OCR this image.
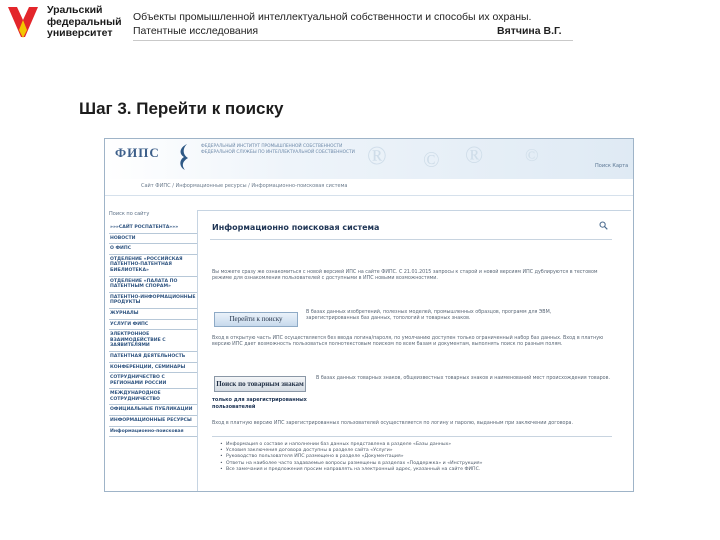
Уральский
федеральный
университет
Объекты промышленной интеллектуальной собственности и способы их охраны.
Патентные исследования	Вятчина В.Г.
Шаг 3. Перейти к поиску
ФИПС	ФЕДЕРАЛЬНЫЙ ИНСТИТУТ ПРОМЫШЛЕННОЙ СОБСТВЕННОСТИ ФЕДЕРАЛЬНОЙ СЛУЖБЫ ПО ИНТЕЛЛЕКТУАЛЬНОЙ СОБСТВЕННОСТИ ® © ® ©
Поиск Карта
Сайт ФИПС / Информационные ресурсы / Информационно-поисковая система
Поиск по сайту
»»»САЙТ РОСПАТЕНТА»»»
НОВОСТИ
О ФИПС
ОТДЕЛЕНИЕ «РОССИЙСКАЯ ПАТЕНТНО-ПАТЕНТНАЯ БИБЛИОТЕКА»
ОТДЕЛЕНИЕ «ПАЛАТА ПО ПАТЕНТНЫМ СПОРАМ»
ПАТЕНТНО-ИНФОРМАЦИОННЫЕ ПРОДУКТЫ
ЖУРНАЛЫ
УСЛУГИ ФИПС
ЭЛЕКТРОННОЕ ВЗАИМОДЕЙСТВИЕ С ЗАЯВИТЕЛЯМИ
ПАТЕНТНАЯ ДЕЯТЕЛЬНОСТЬ
КОНФЕРЕНЦИИ, СЕМИНАРЫ
СОТРУДНИЧЕСТВО С РЕГИОНАМИ РОССИИ
МЕЖДУНАРОДНОЕ СОТРУДНИЧЕСТВО
ОФИЦИАЛЬНЫЕ ПУБЛИКАЦИИ
ИНФОРМАЦИОННЫЕ РЕСУРСЫ
Информационно-поисковая
Информационно поисковая система
Вы можете сразу же ознакомиться с новой версией ИПС на сайте ФИПС. С 21.01.2015 запросы к старой и новой версиям ИПС дублируются в тестовом режиме для ознакомления пользователей с доступными в ИПС новыми возможностями.
Перейти к поиску
В базах данных изобретений, полезных моделей, промышленных образцов, программ для ЭВМ, зарегистрированных баз данных, топологий и товарных знаков.
Вход в открытую часть ИПС осуществляется без ввода логина/пароля, по умолчанию доступен только ограниченный набор баз данных. Вход в платную версию ИПС дает возможность пользоваться полнотекстовым поиском по всем базам и документам, выполнять поиск по разным полям.
Поиск по товарным знакам
В базах данных товарных знаков, общеизвестных товарных знаков и наименований мест происхождения товаров.
только для зарегистрированных пользователей
Вход в платную версию ИПС зарегистрированных пользователей осуществляется по логину и паролю, выданным при заключении договора.
• Информация о составе и наполнении баз данных представлена в разделе «Базы данных»
• Условия заключения договора доступны в разделе сайта «Услуги»
• Руководство пользователя ИПС размещено в разделе «Документация»
• Ответы на наиболее часто задаваемые вопросы размещены в разделах «Поддержка» и «Инструкция»
• Все замечания и предложения просим направлять на электронный адрес, указанный на сайте ФИПС.
